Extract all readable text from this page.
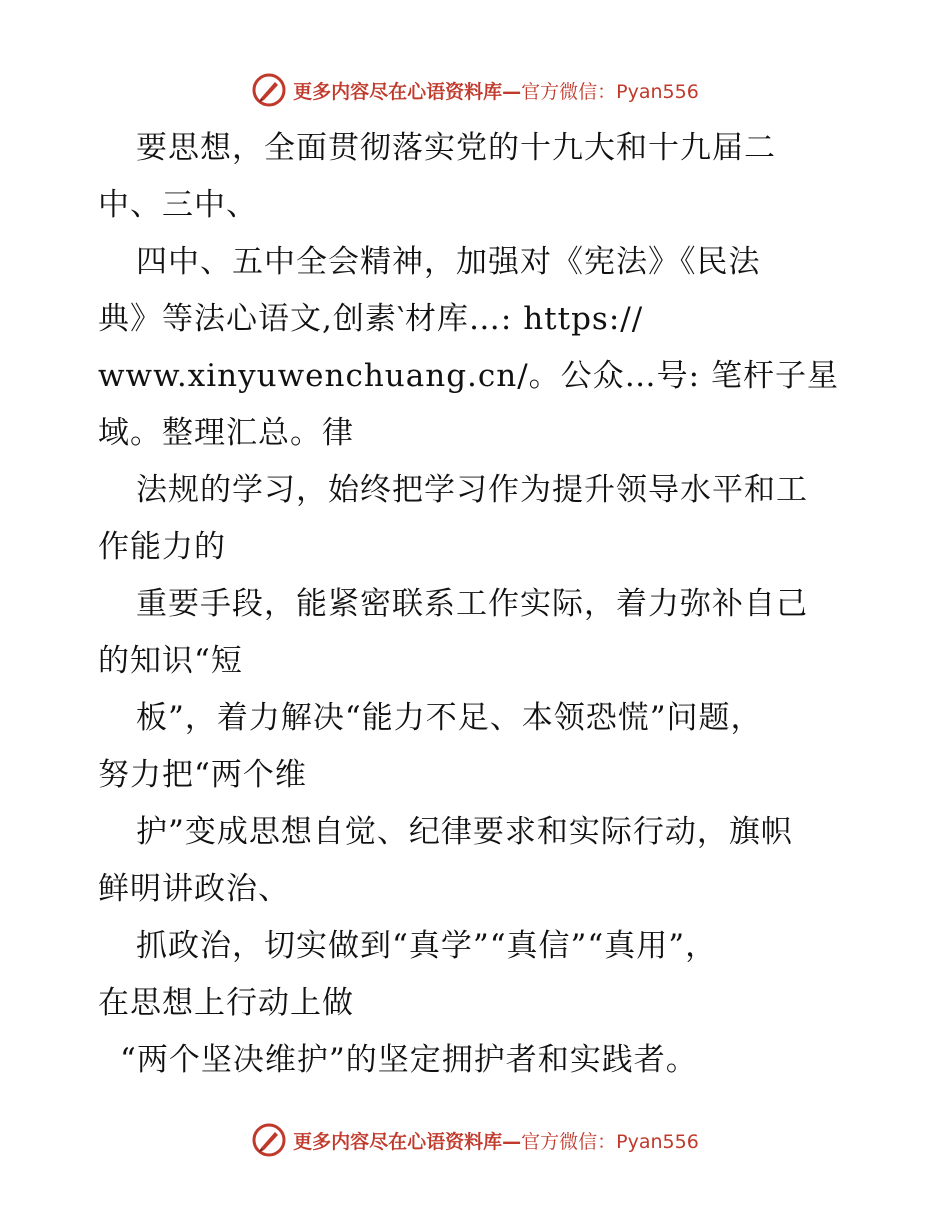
更多内容尽在心语资料库—官方微信：Pyan556
要思想，全面贯彻落实党的十九大和十九届二
中、三中、
四中、五中全会精神，加强对《宪法》《民法
典》等法心语文,创素‵材库…: https://
www.xinyuwenchuang.cn/。公众…号: 笔杆子星
域。整理汇总。律
法规的学习，始终把学习作为提升领导水平和工
作能力的
重要手段，能紧密联系工作实际，着力弥补自己
的知识“短
板”，着力解决“能力不足、本领恐慌”问题，
努力把“两个维
护”变成思想自觉、纪律要求和实际行动，旗帜
鲜明讲政治、
抓政治，切实做到“真学”“真信”“真用”，
在思想上行动上做
“两个坚决维护”的坚定拥护者和实践者。
更多内容尽在心语资料库—官方微信：Pyan556
